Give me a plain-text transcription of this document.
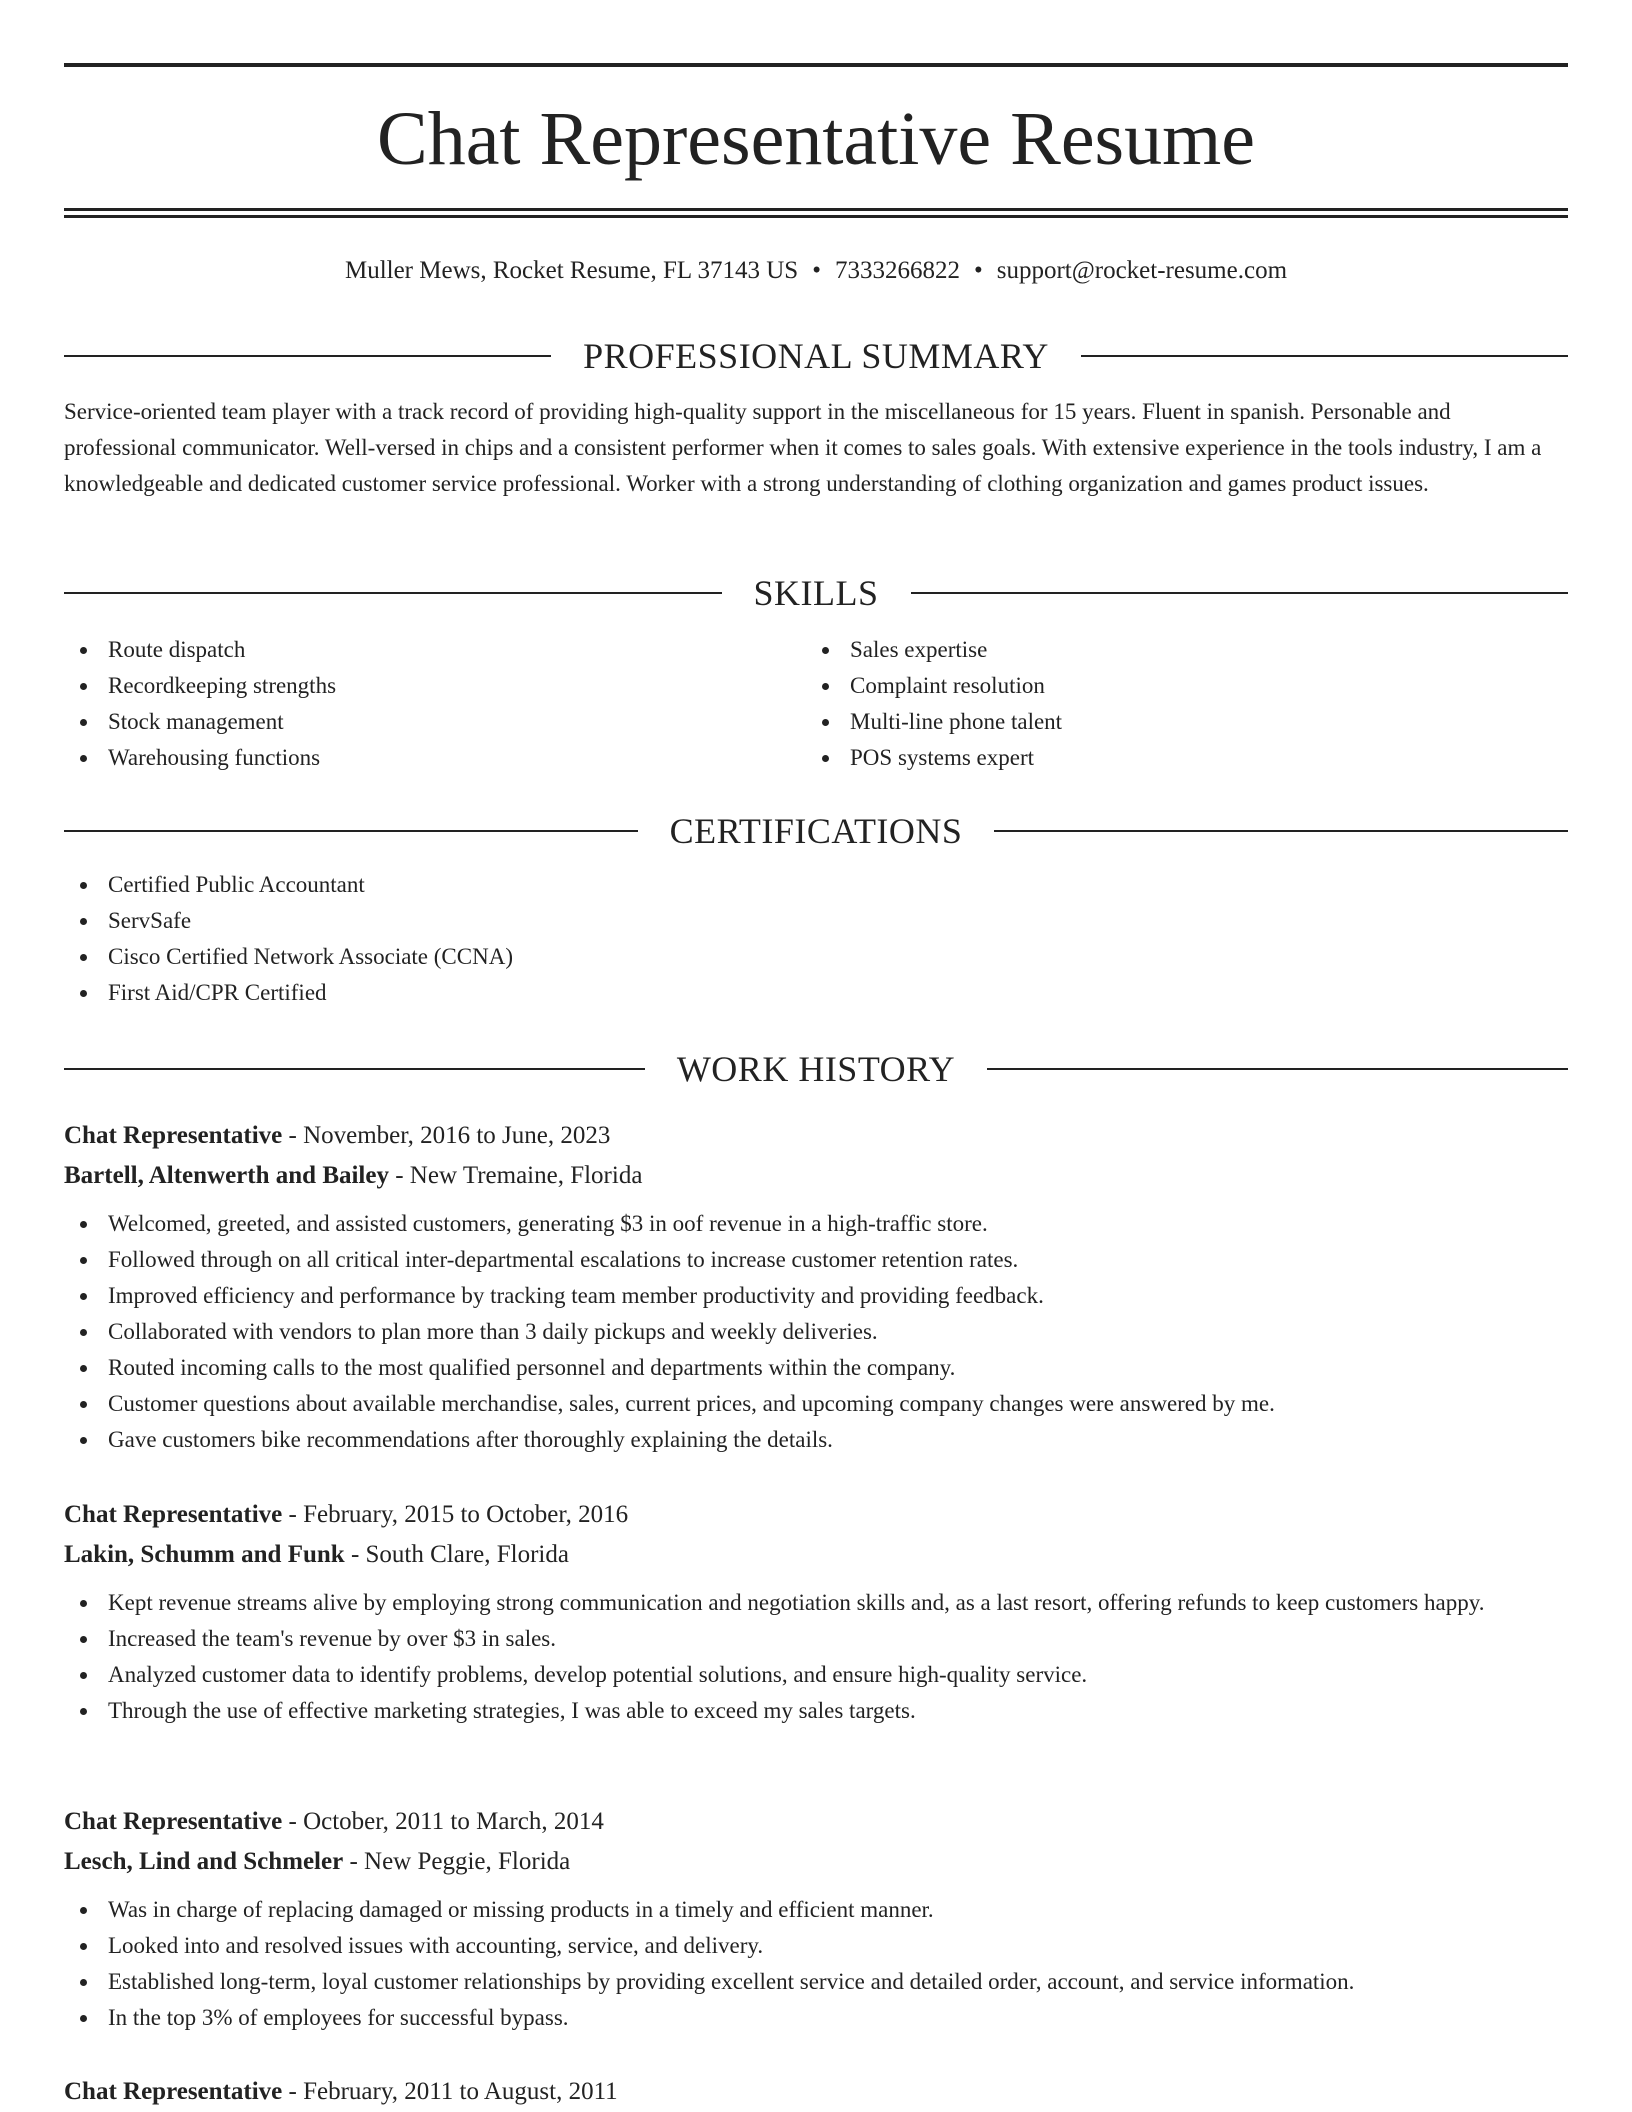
Chat Representative Resume
Muller Mews, Rocket Resume, FL 37143 US • 7333266822 • support@rocket-resume.com
PROFESSIONAL SUMMARY

Service-oriented team player with a track record of providing high-quality support in the miscellaneous for 15 years. Fluent in spanish. Personable and professional communicator. Well-versed in chips and a consistent performer when it comes to sales goals. With extensive experience in the tools industry, I am a knowledgeable and dedicated customer service professional. Worker with a strong understanding of clothing organization and games product issues.

SKILLS
Route dispatch
Recordkeeping strengths
Stock management
Warehousing functions
Sales expertise
Complaint resolution
Multi-line phone talent
POS systems expert
CERTIFICATIONS
Certified Public Accountant
ServSafe
Cisco Certified Network Associate (CCNA)
First Aid/CPR Certified
WORK HISTORY
Chat Representative - November, 2016 to June, 2023
Bartell, Altenwerth and Bailey - New Tremaine, Florida
Welcomed, greeted, and assisted customers, generating $3 in oof revenue in a high-traffic store.
Followed through on all critical inter-departmental escalations to increase customer retention rates.
Improved efficiency and performance by tracking team member productivity and providing feedback.
Collaborated with vendors to plan more than 3 daily pickups and weekly deliveries.
Routed incoming calls to the most qualified personnel and departments within the company.
Customer questions about available merchandise, sales, current prices, and upcoming company changes were answered by me.
Gave customers bike recommendations after thoroughly explaining the details.
Chat Representative - February, 2015 to October, 2016
Lakin, Schumm and Funk - South Clare, Florida
Kept revenue streams alive by employing strong communication and negotiation skills and, as a last resort, offering refunds to keep customers happy.
Increased the team's revenue by over $3 in sales.
Analyzed customer data to identify problems, develop potential solutions, and ensure high-quality service.
Through the use of effective marketing strategies, I was able to exceed my sales targets.
Chat Representative - October, 2011 to March, 2014
Lesch, Lind and Schmeler - New Peggie, Florida
Was in charge of replacing damaged or missing products in a timely and efficient manner.
Looked into and resolved issues with accounting, service, and delivery.
Established long-term, loyal customer relationships by providing excellent service and detailed order, account, and service information.
In the top 3% of employees for successful bypass.
Chat Representative - February, 2011 to August, 2011
